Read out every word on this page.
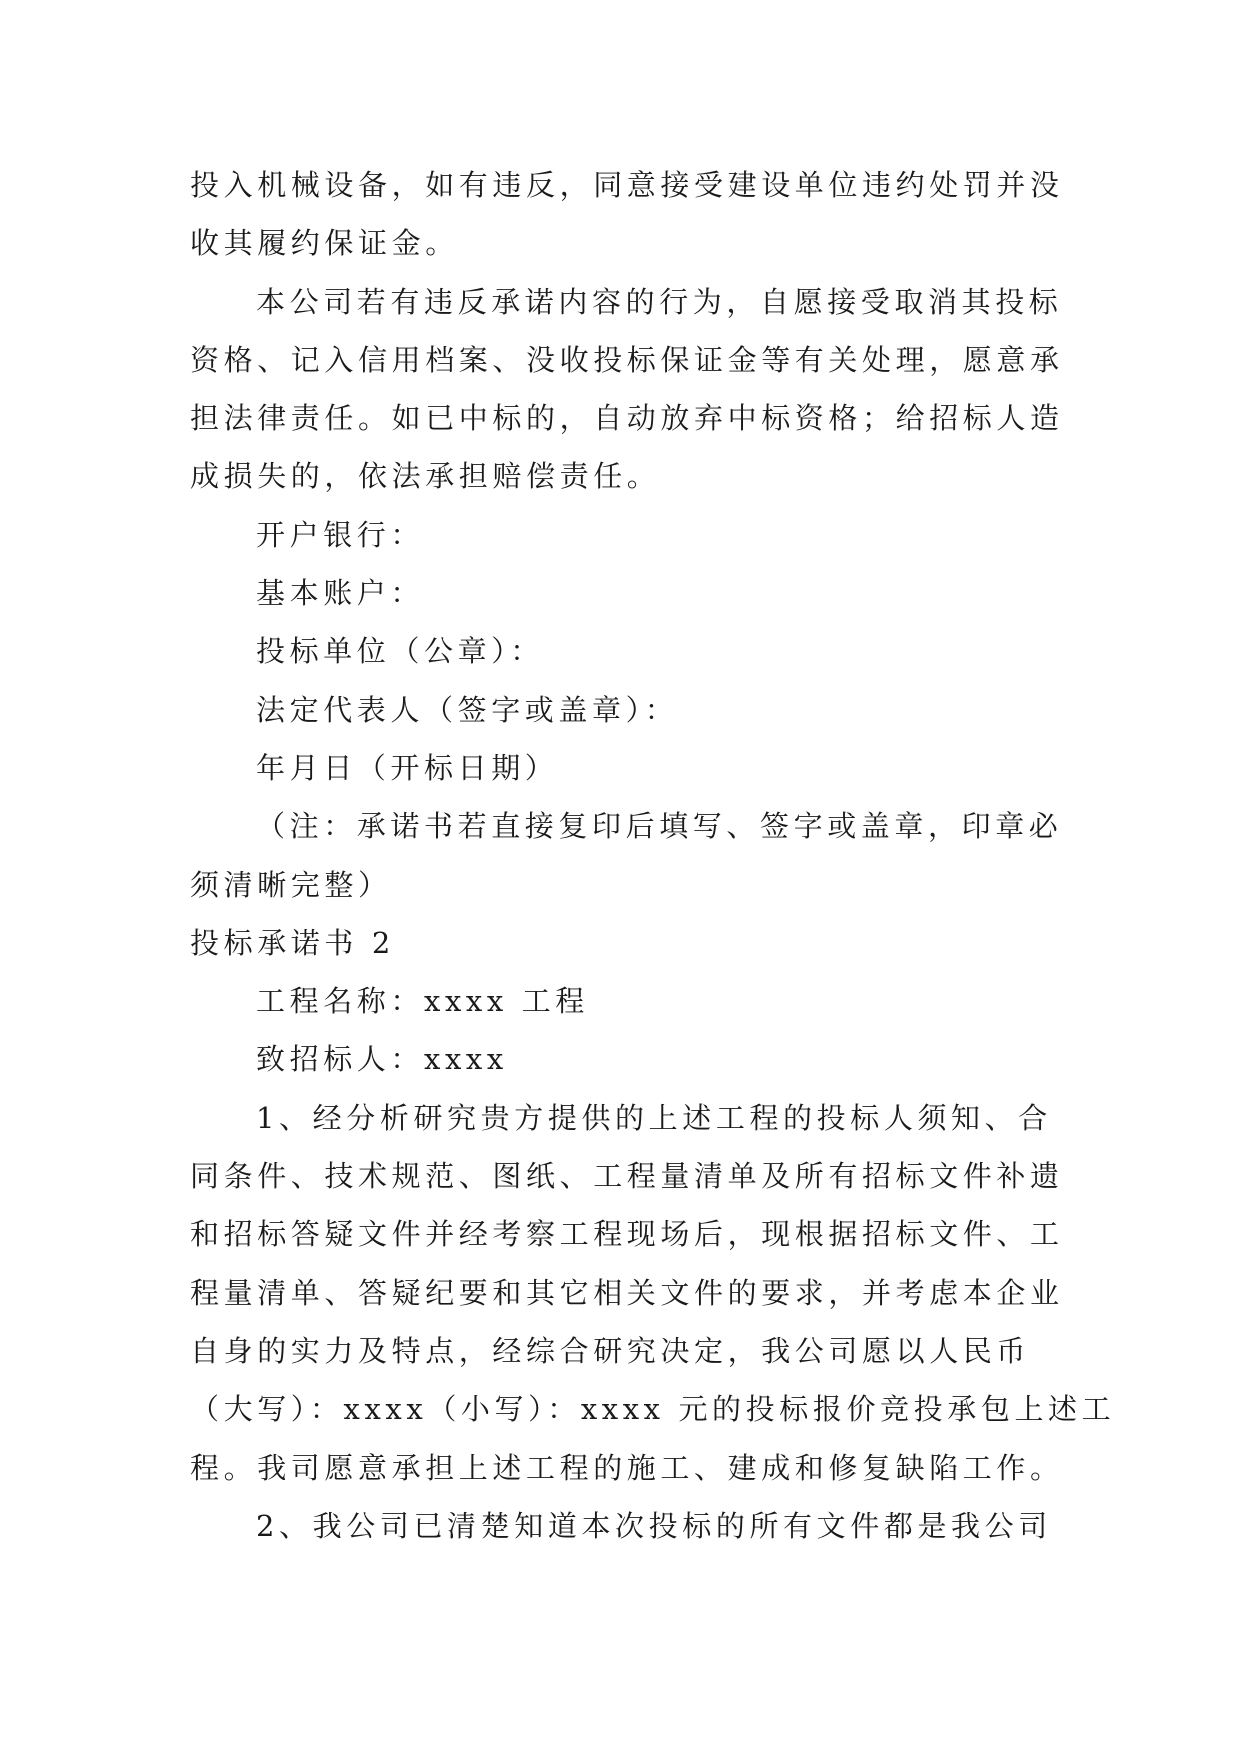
投入机械设备，如有违反，同意接受建设单位违约处罚并没
收其履约保证金。
本公司若有违反承诺内容的行为，自愿接受取消其投标
资格、记入信用档案、没收投标保证金等有关处理，愿意承
担法律责任。如已中标的，自动放弃中标资格；给招标人造
成损失的，依法承担赔偿责任。
开户银行：
基本账户：
投标单位（公章）：
法定代表人（签字或盖章）：
年月日（开标日期）
（注：承诺书若直接复印后填写、签字或盖章，印章必
须清晰完整）
投标承诺书 2
工程名称：xxxx 工程
致招标人：xxxx
1、经分析研究贵方提供的上述工程的投标人须知、合
同条件、技术规范、图纸、工程量清单及所有招标文件补遗
和招标答疑文件并经考察工程现场后，现根据招标文件、工
程量清单、答疑纪要和其它相关文件的要求，并考虑本企业
自身的实力及特点，经综合研究决定，我公司愿以人民币
（大写）：xxxx（小写）：xxxx 元的投标报价竞投承包上述工
程。我司愿意承担上述工程的施工、建成和修复缺陷工作。
2、我公司已清楚知道本次投标的所有文件都是我公司
